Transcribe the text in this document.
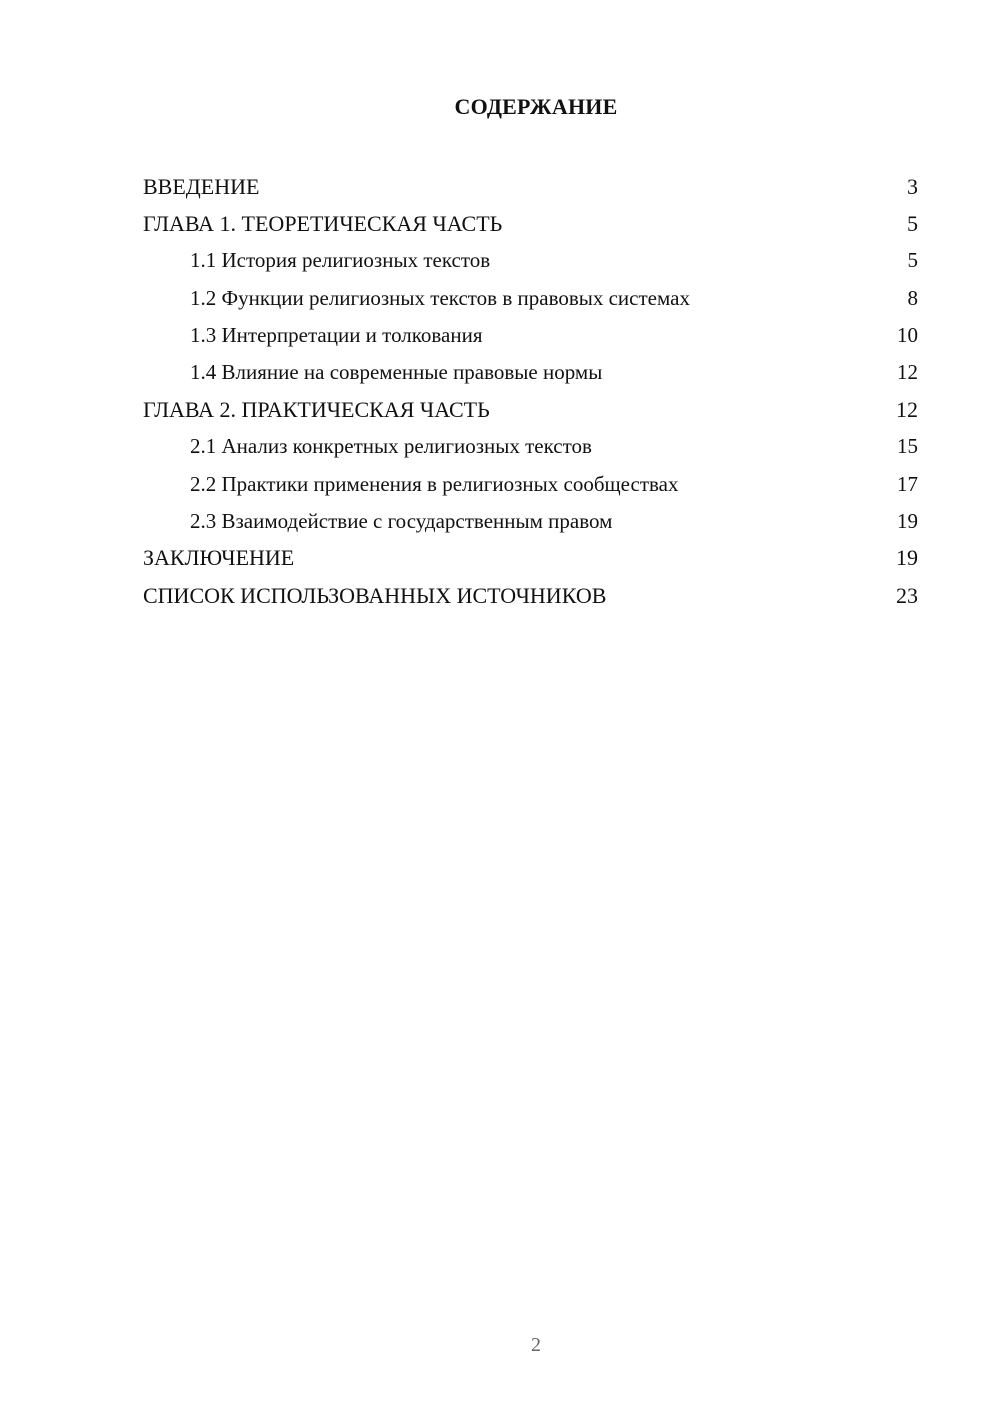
СОДЕРЖАНИЕ
ВВЕДЕНИЕ	3
ГЛАВА 1. ТЕОРЕТИЧЕСКАЯ ЧАСТЬ	5
1.1 История религиозных текстов	5
1.2 Функции религиозных текстов в правовых системах	8
1.3 Интерпретации и толкования	10
1.4 Влияние на современные правовые нормы	12
ГЛАВА 2. ПРАКТИЧЕСКАЯ ЧАСТЬ	12
2.1 Анализ конкретных религиозных текстов	15
2.2 Практики применения в религиозных сообществах	17
2.3 Взаимодействие с государственным правом	19
ЗАКЛЮЧЕНИЕ	19
СПИСОК ИСПОЛЬЗОВАННЫХ ИСТОЧНИКОВ	23
2
